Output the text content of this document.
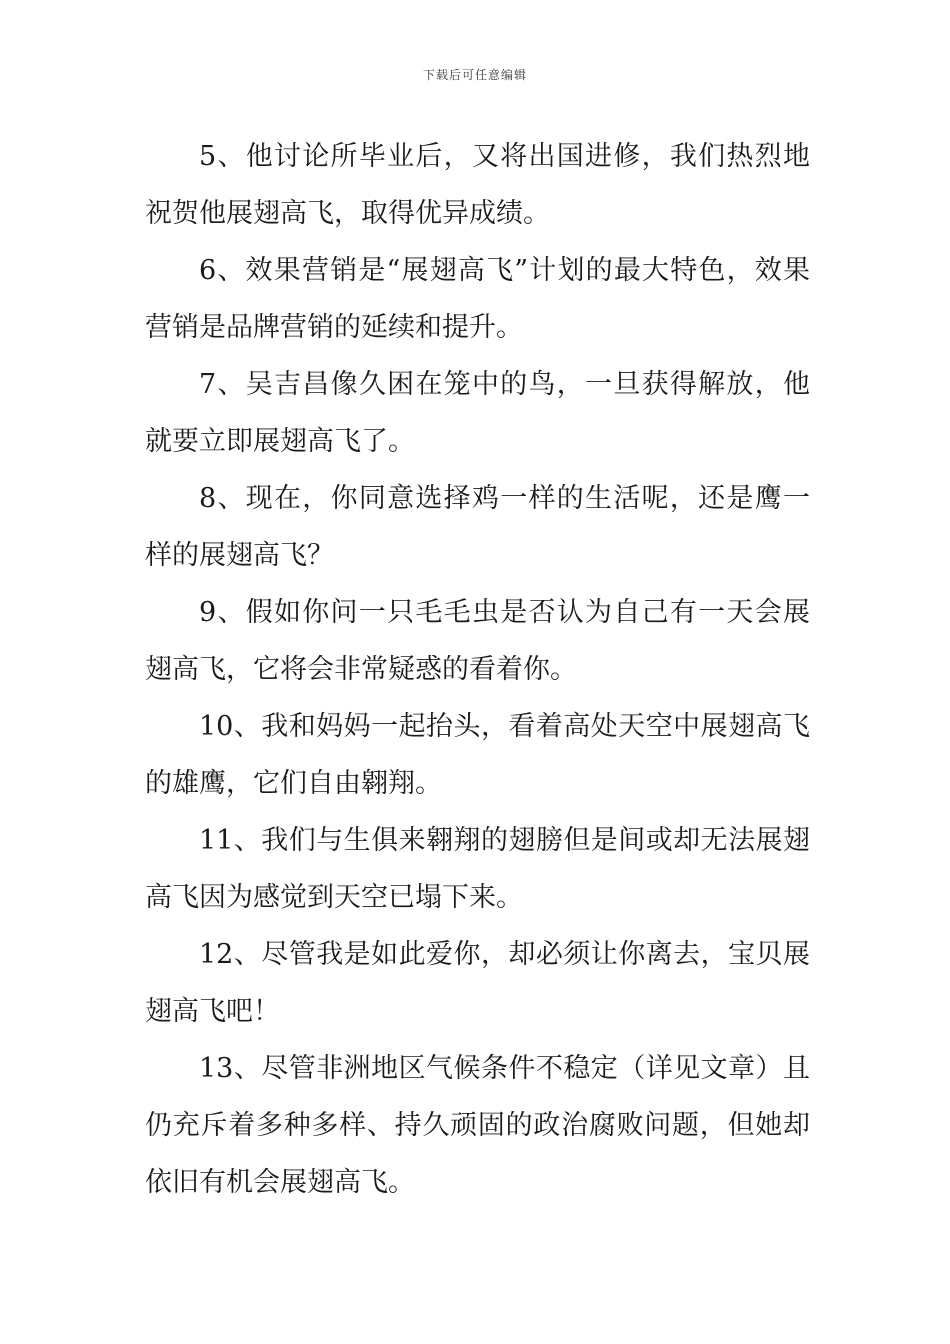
下载后可任意编辑

5、他讨论所毕业后，又将出国进修，我们热烈地祝贺他展翅高飞，取得优异成绩。

6、效果营销是“展翅高飞”计划的最大特色，效果营销是品牌营销的延续和提升。

7、吴吉昌像久困在笼中的鸟，一旦获得解放，他就要立即展翅高飞了。

8、现在，你同意选择鸡一样的生活呢，还是鹰一样的展翅高飞？

9、假如你问一只毛毛虫是否认为自己有一天会展翅高飞，它将会非常疑惑的看着你。

10、我和妈妈一起抬头，看着高处天空中展翅高飞的雄鹰，它们自由翱翔。

11、我们与生俱来翱翔的翅膀但是间或却无法展翅高飞因为感觉到天空已塌下来。

12、尽管我是如此爱你，却必须让你离去，宝贝展翅高飞吧！

13、尽管非洲地区气候条件不稳定（详见文章）且仍充斥着多种多样、持久顽固的政治腐败问题，但她却依旧有机会展翅高飞。
